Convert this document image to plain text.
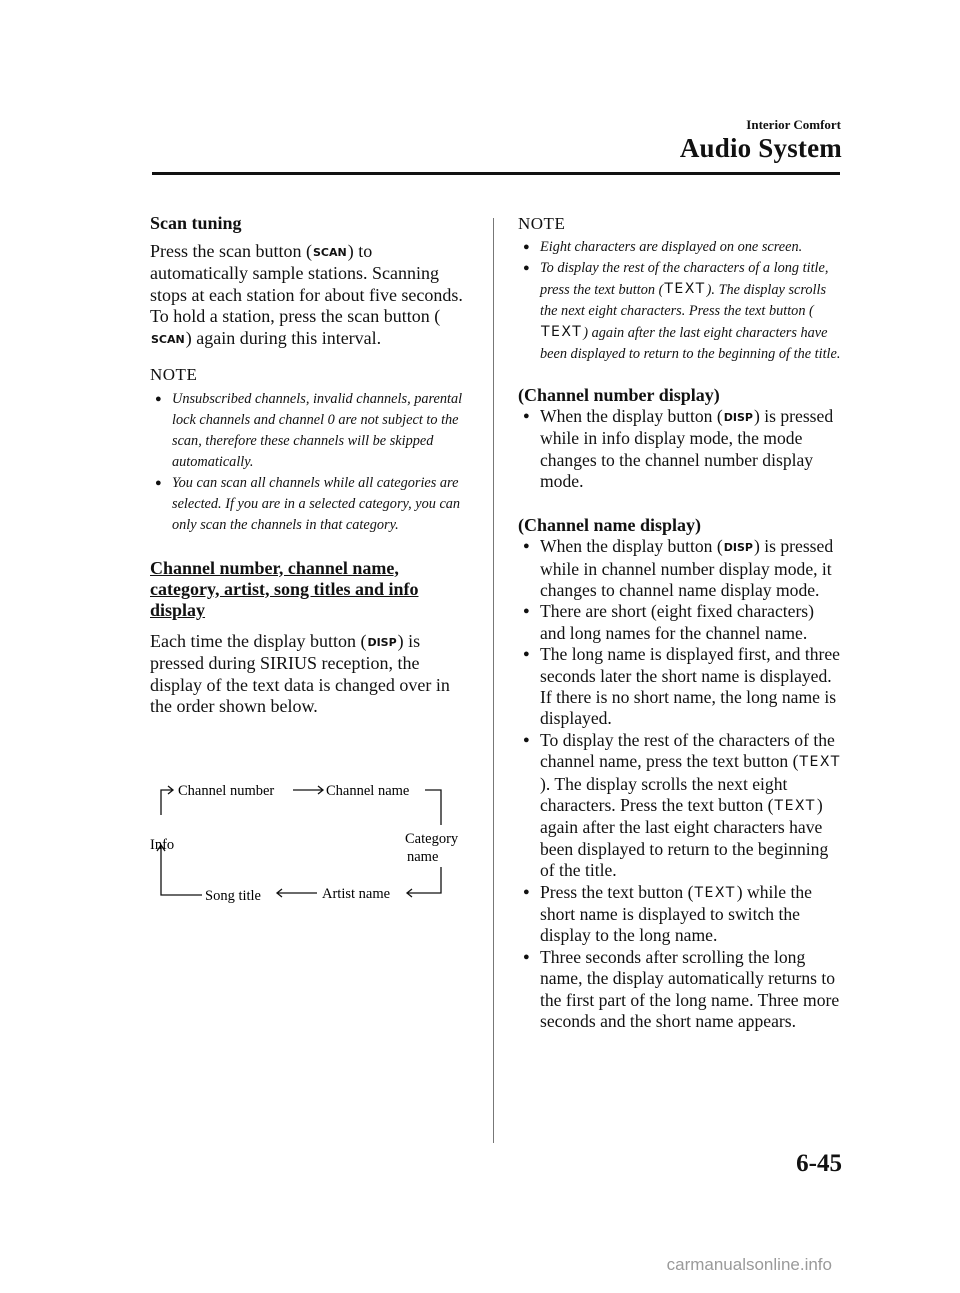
Interior Comfort
Audio System
Scan tuning

Press the scan button (SCAN) to automatically sample stations. Scanning stops at each station for about five seconds. To hold a station, press the scan button (SCAN) again during this interval.

NOTE
● Unsubscribed channels, invalid channels, parental lock channels and channel 0 are not subject to the scan, therefore these channels will be skipped automatically.
● You can scan all channels while all categories are selected. If you are in a selected category, you can only scan the channels in that category.
Channel number, channel name, category, artist, song titles and info display

Each time the display button (DISP) is pressed during SIRIUS reception, the display of the text data is changed over in the order shown below.

Channel number	Channel name
Category name
Info
Artist name
Song title
NOTE
● Eight characters are displayed on one screen.
● To display the rest of the characters of a long title, press the text button (TEXT). The display scrolls the next eight characters. Press the text button (TEXT) again after the last eight characters have been displayed to return to the beginning of the title.
(Channel number display)
● When the display button (DISP) is pressed while in info display mode, the mode changes to the channel number display mode.
(Channel name display)
● When the display button (DISP) is pressed while in channel number display mode, it changes to channel name display mode.
● There are short (eight fixed characters) and long names for the channel name.
● The long name is displayed first, and three seconds later the short name is displayed. If there is no short name, the long name is displayed.
● To display the rest of the characters of the channel name, press the text button (TEXT). The display scrolls the next eight characters. Press the text button (TEXT) again after the last eight characters have been displayed to return to the beginning of the title.
● Press the text button (TEXT) while the short name is displayed to switch the display to the long name.
● Three seconds after scrolling the long name, the display automatically returns to the first part of the long name. Three more seconds and the short name appears.
6-45
carmanualsonline.info
